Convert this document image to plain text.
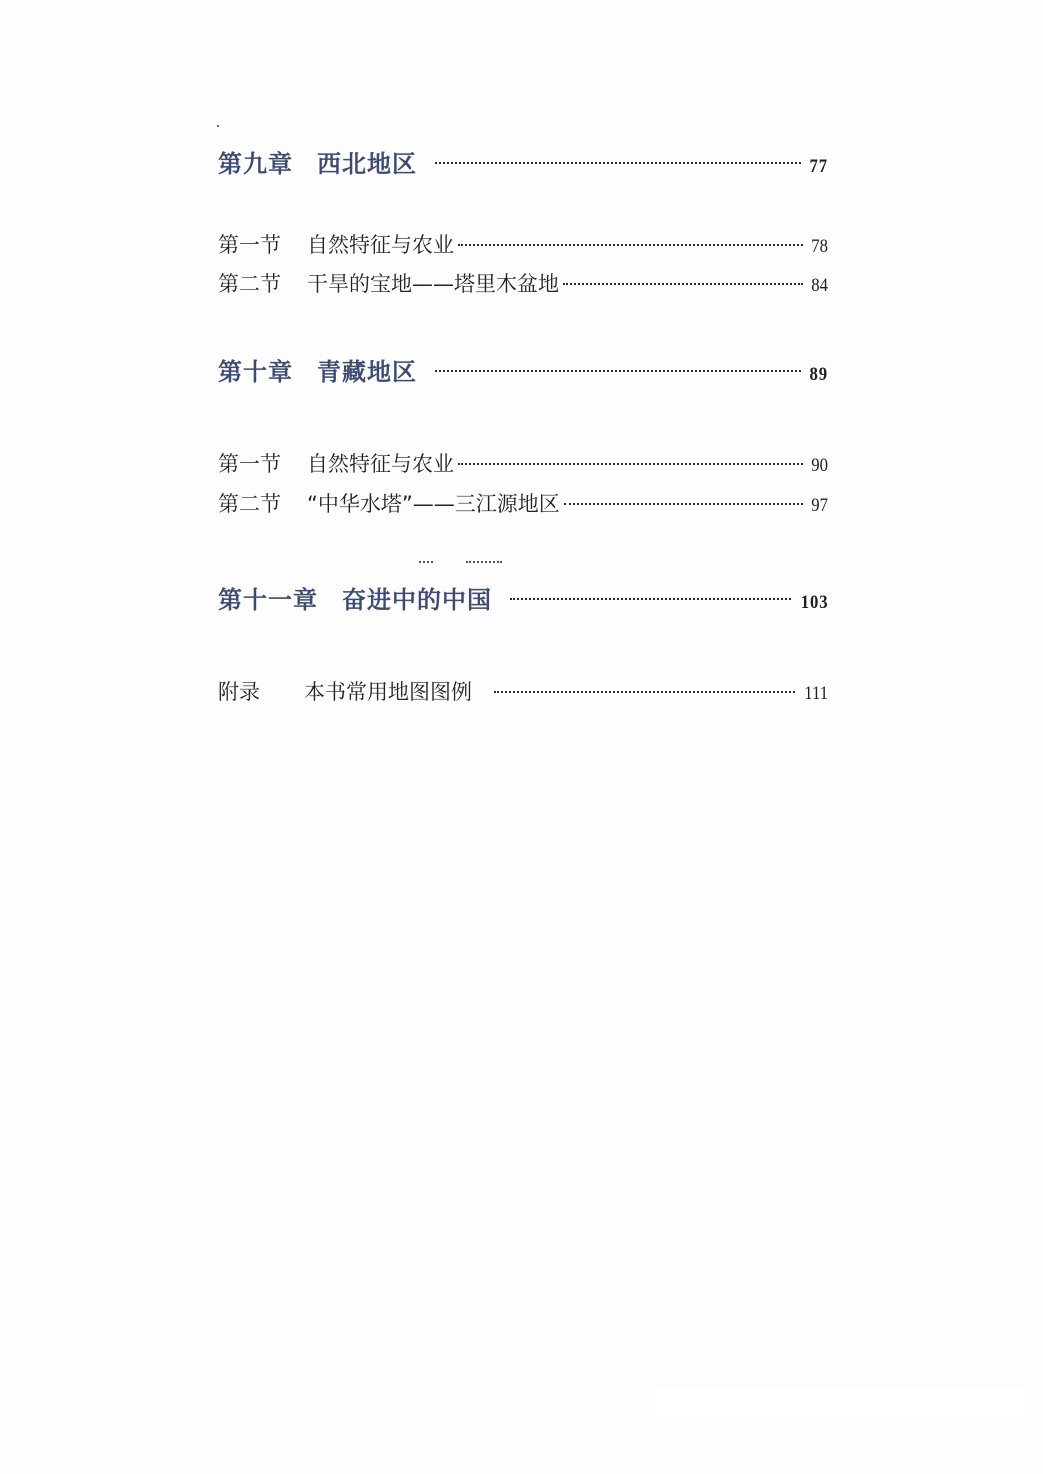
第九章 西北地区	77
第一节 自然特征与农业	78
第二节 干旱的宝地——塔里木盆地	84
第十章 青藏地区	89
第一节 自然特征与农业	90
第二节 “中华水塔”——三江源地区	97
第十一章 奋进中的中国	103
附录 本书常用地图图例	111
